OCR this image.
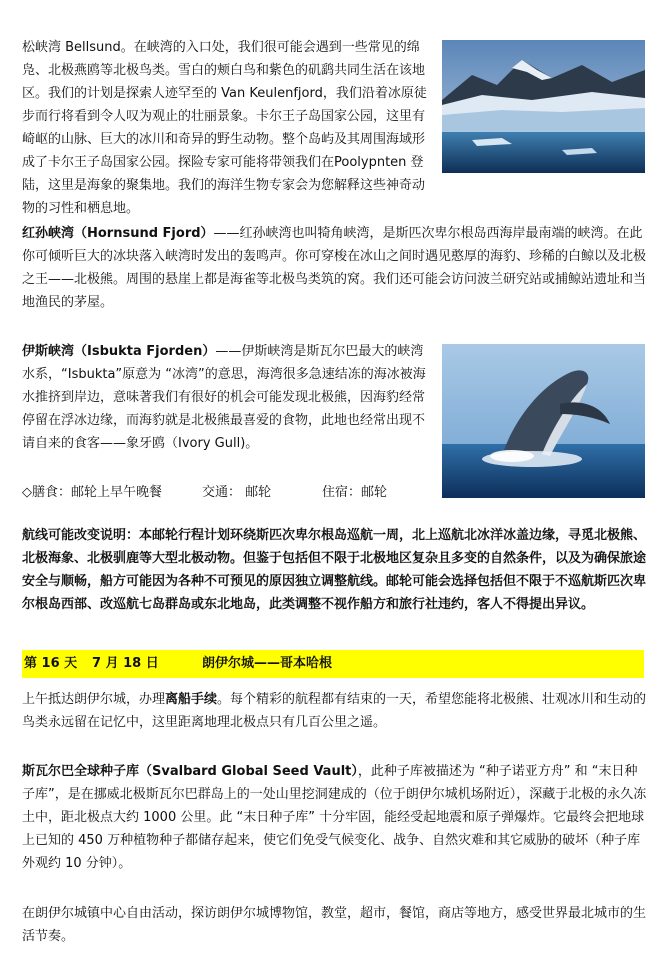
松峡湾 Bellsund。在峡湾的入口处，我们很可能会遇到一些常见的绵凫、北极燕鸥等北极鸟类。雪白的颊白鸟和紫色的矶鹞共同生活在该地区。我们的计划是探索人迹罕至的 Van Keulenfjord，我们沿着冰原徒步而行将看到令人叹为观止的壮丽景象。卡尔王子岛国家公园，这里有崎岖的山脉、巨大的冰川和奇异的野生动物。整个岛屿及其周围海域形成了卡尔王子岛国家公园。探险专家可能将带领我们在Poolypnten 登陆，这里是海象的聚集地。我们的海洋生物专家会为您解释这些神奇动物的习性和栖息地。

红孙峡湾（Hornsund Fjord）——红孙峡湾也叫犄角峡湾，是斯匹次卑尔根岛西海岸最南端的峡湾。在此你可倾听巨大的冰块落入峡湾时发出的轰鸣声。你可穿梭在冰山之间时遇见憨厚的海豹、珍稀的白鲸以及北极之王——北极熊。周围的悬崖上都是海雀等北极鸟类筑的窝。我们还可能会访问波兰研究站或捕鲸站遗址和当地渔民的茅屋。

伊斯峡湾（Isbukta Fjorden）——伊斯峡湾是斯瓦尔巴最大的峡湾水系，“Isbukta”原意为 “冰湾”的意思，海湾很多急速结冻的海冰被海水推挤到岸边，意味著我们有很好的机会可能发现北极熊，因海豹经常停留在浮冰边缘，而海豹就是北极熊最喜爱的食物，此地也经常出现不请自来的食客——象牙鸥（Ivory Gull)。

◇膳食：邮轮上早午晚餐	交通： 邮轮	住宿：邮轮

航线可能改变说明：本邮轮行程计划环绕斯匹次卑尔根岛巡航一周，北上巡航北冰洋冰盖边缘，寻觅北极熊、北极海象、北极驯鹿等大型北极动物。但鉴于包括但不限于北极地区复杂且多变的自然条件，以及为确保旅途安全与顺畅，船方可能因为各种不可预见的原因独立调整航线。邮轮可能会选择包括但不限于不巡航斯匹次卑尔根岛西部、改巡航七岛群岛或东北地岛，此类调整不视作船方和旅行社违约，客人不得提出异议。

第 16 天 7 月 18 日	朗伊尔城——哥本哈根

上午抵达朗伊尔城，办理离船手续。每个精彩的航程都有结束的一天，希望您能将北极熊、壮观冰川和生动的鸟类永远留在记忆中，这里距离地理北极点只有几百公里之遥。

斯瓦尔巴全球种子库（Svalbard Global Seed Vault），此种子库被描述为 “种子诺亚方舟” 和 “末日种子库”，是在挪威北极斯瓦尔巴群岛上的一处山里挖洞建成的（位于朗伊尔城机场附近），深藏于北极的永久冻土中，距北极点大约 1000 公里。此 “末日种子库” 十分牢固，能经受起地震和原子弹爆炸。它最终会把地球上已知的 450 万种植物种子都储存起来，使它们免受气候变化、战争、自然灾难和其它威胁的破坏（种子库外观约 10 分钟）。

在朗伊尔城镇中心自由活动，探访朗伊尔城博物馆，教堂，超市，餐馆，商店等地方，感受世界最北城市的生活节奏。
